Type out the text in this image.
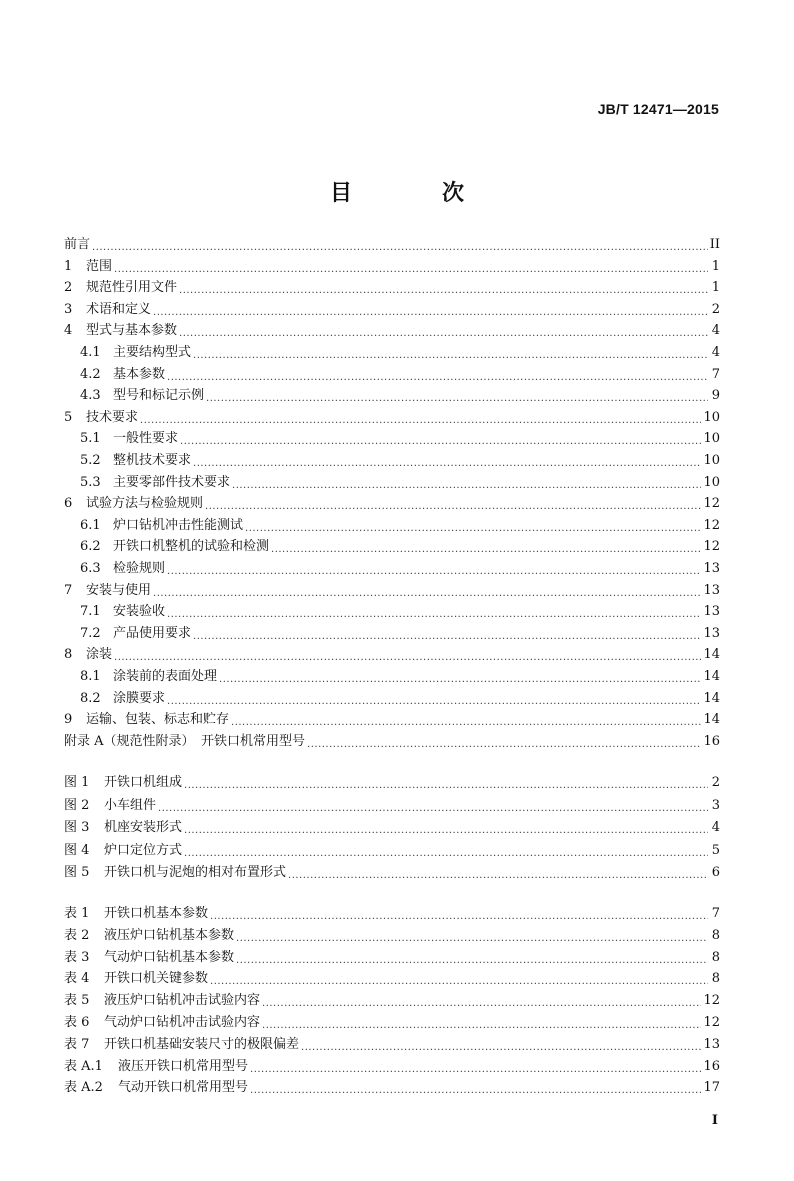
JB/T 12471—2015
目　次
前言 .....	II
1 范围 .....	1
2 规范性引用文件 .....	1
3 术语和定义 .....	2
4 型式与基本参数 .....	4
4.1 主要结构型式 .....	4
4.2 基本参数 .....	7
4.3 型号和标记示例 .....	9
5 技术要求 .....	10
5.1 一般性要求 .....	10
5.2 整机技术要求 .....	10
5.3 主要零部件技术要求 .....	10
6 试验方法与检验规则 .....	12
6.1 炉口钻机冲击性能测试 .....	12
6.2 开铁口机整机的试验和检测 .....	12
6.3 检验规则 .....	13
7 安装与使用 .....	13
7.1 安装验收 .....	13
7.2 产品使用要求 .....	13
8 涂装 .....	14
8.1 涂装前的表面处理 .....	14
8.2 涂膜要求 .....	14
9 运输、包装、标志和贮存 .....	14
附录 A（规范性附录）　开铁口机常用型号 .....	16
图 1 开铁口机组成 .....	2
图 2 小车组件 .....	3
图 3 机座安装形式 .....	4
图 4 炉口定位方式 .....	5
图 5 开铁口机与泥炮的相对布置形式 .....	6
表 1 开铁口机基本参数 .....	7
表 2 液压炉口钻机基本参数 .....	8
表 3 气动炉口钻机基本参数 .....	8
表 4 开铁口机关键参数 .....	8
表 5 液压炉口钻机冲击试验内容 .....	12
表 6 气动炉口钻机冲击试验内容 .....	12
表 7 开铁口机基础安装尺寸的极限偏差 .....	13
表 A.1 液压开铁口机常用型号 .....	16
表 A.2 气动开铁口机常用型号 .....	17
I
